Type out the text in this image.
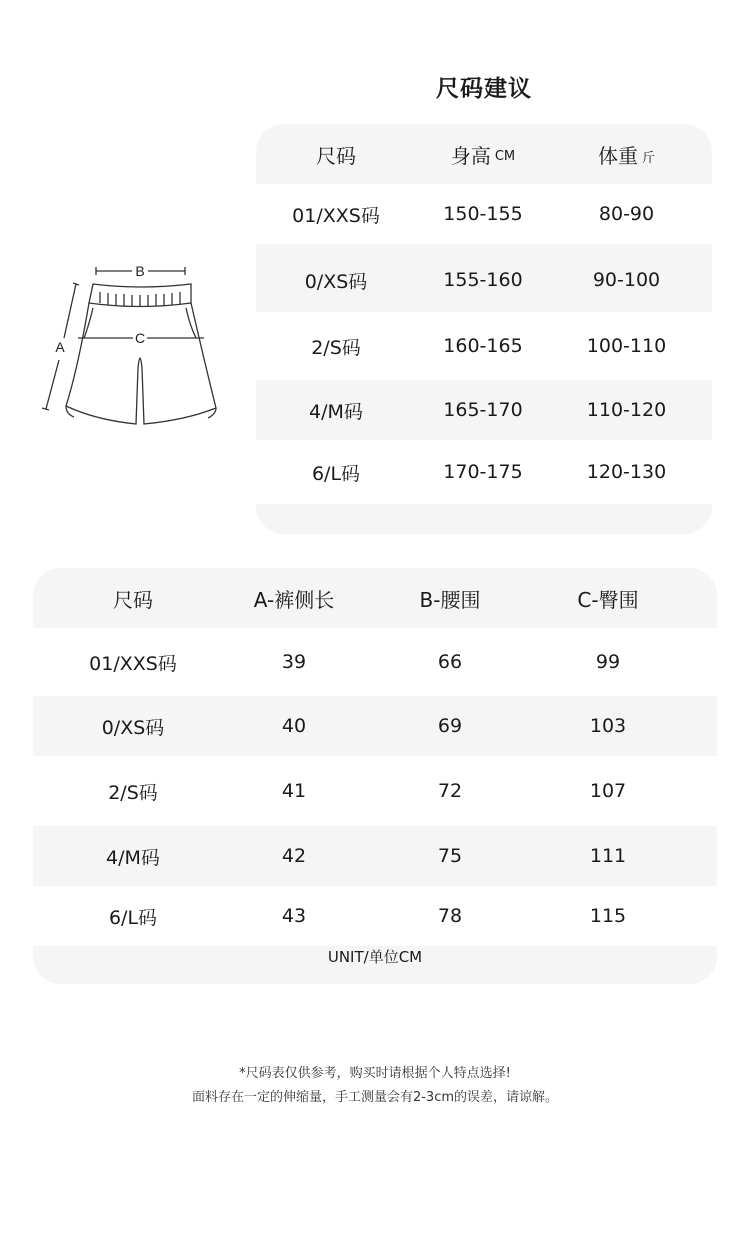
尺码建议
尺码	身高 CM	体重 斤
01/XXS码	150-155	80-90
0/XS码	155-160	90-100
2/S码	160-165	100-110
4/M码	165-170	110-120
6/L码	170-175	120-130
B
C
A
尺码	A-裤侧长	B-腰围	C-臀围
01/XXS码	39	66	99
0/XS码	40	69	103
2/S码	41	72	107
4/M码	42	75	111
6/L码	43	78	115
UNIT/单位CM
*尺码表仅供参考，购买时请根据个人特点选择!
面料存在一定的伸缩量，手工测量会有2-3cm的误差，请谅解。
